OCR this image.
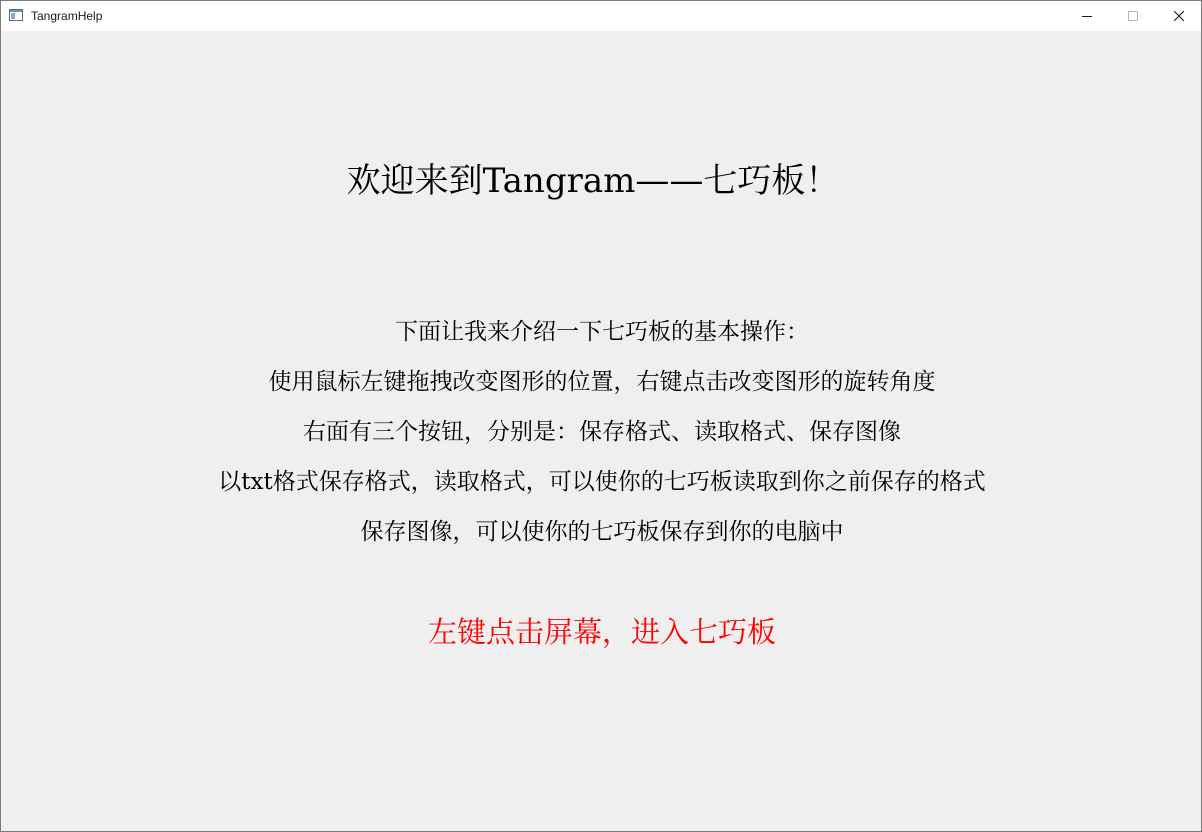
TangramHelp
欢迎来到Tangram——七巧板！
下面让我来介绍一下七巧板的基本操作：
使用鼠标左键拖拽改变图形的位置，右键点击改变图形的旋转角度
右面有三个按钮，分别是：保存格式、读取格式、保存图像
以txt格式保存格式，读取格式，可以使你的七巧板读取到你之前保存的格式
保存图像，可以使你的七巧板保存到你的电脑中
左键点击屏幕，进入七巧板
